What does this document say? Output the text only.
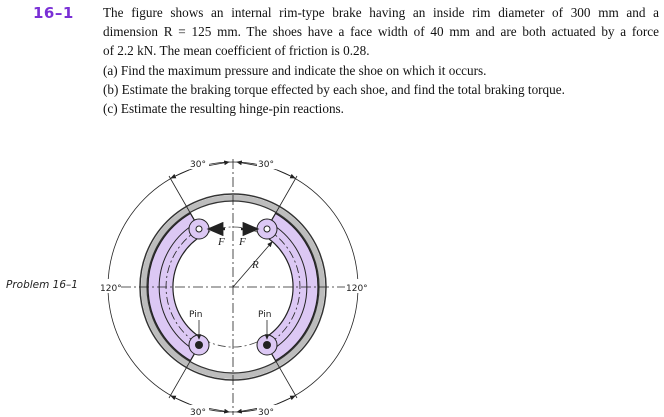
16–1 The figure shows an internal rim-type brake having an inside rim diameter of 300 mm and a
dimension R = 125 mm. The shoes have a face width of 40 mm and are both actuated by a force
of 2.2 kN. The mean coefficient of friction is 0.28.
(a) Find the maximum pressure and indicate the shoe on which it occurs.
(b) Estimate the braking torque effected by each shoe, and find the total braking torque.
(c) Estimate the resulting hinge-pin reactions.
Problem 16–1
30°	30°
30°	30°
120°	120°
F F
R
Pin	Pin
